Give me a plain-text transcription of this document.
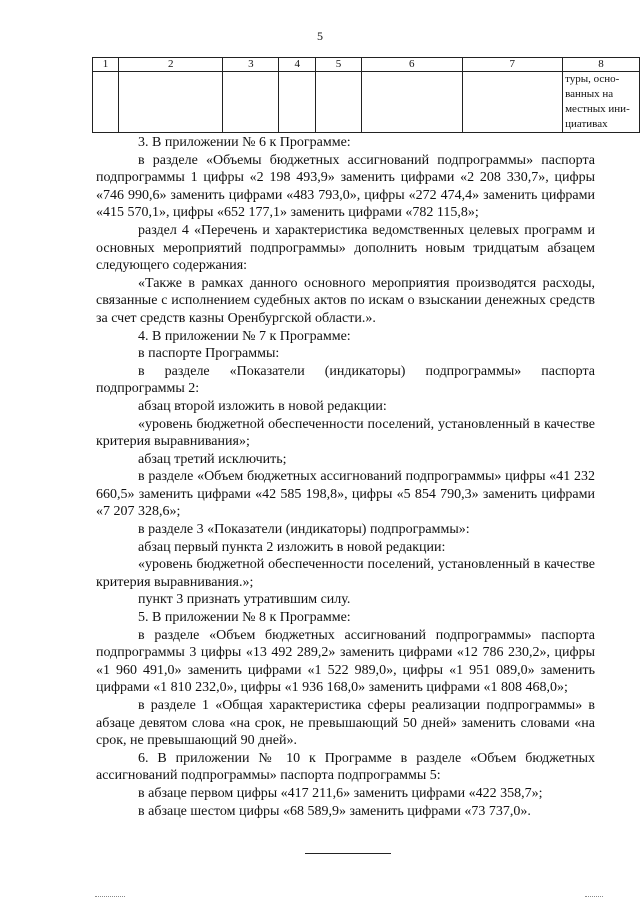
5
1	2	3	4	5	6	7	8
							туры, осно-ванных на местных ини-циативах

3. В приложении № 6 к Программе:

в разделе «Объемы бюджетных ассигнований подпрограммы» паспорта подпрограммы 1 цифры «2 198 493,9» заменить цифрами «2 208 330,7», цифры «746 990,6» заменить цифрами «483 793,0», цифры «272 474,4» заменить цифрами «415 570,1», цифры «652 177,1» заменить цифрами «782 115,8»;

раздел 4 «Перечень и характеристика ведомственных целевых программ и основных мероприятий подпрограммы» дополнить новым тридцатым абзацем следующего содержания:

«Также в рамках данного основного мероприятия производятся расходы, связанные с исполнением судебных актов по искам о взыскании денежных средств за счет средств казны Оренбургской области.».

4. В приложении № 7 к Программе:

в паспорте Программы:

в разделе «Показатели (индикаторы) подпрограммы» паспорта подпрограммы 2:

абзац второй изложить в новой редакции:

«уровень бюджетной обеспеченности поселений, установленный в качестве критерия выравнивания»;

абзац третий исключить;

в разделе «Объем бюджетных ассигнований подпрограммы» цифры «41 232 660,5» заменить цифрами «42 585 198,8», цифры «5 854 790,3» заменить цифрами «7 207 328,6»;

в разделе 3 «Показатели (индикаторы) подпрограммы»:

абзац первый пункта 2 изложить в новой редакции:

«уровень бюджетной обеспеченности поселений, установленный в качестве критерия выравнивания.»;

пункт 3 признать утратившим силу.

5. В приложении № 8 к Программе:

в разделе «Объем бюджетных ассигнований подпрограммы» паспорта подпрограммы 3 цифры «13 492 289,2» заменить цифрами «12 786 230,2», цифры «1 960 491,0» заменить цифрами «1 522 989,0», цифры «1 951 089,0» заменить цифрами «1 810 232,0», цифры «1 936 168,0» заменить цифрами «1 808 468,0»;

в разделе 1 «Общая характеристика сферы реализации подпрограммы» в абзаце девятом слова «на срок, не превышающий 50 дней» заменить словами «на срок, не превышающий 90 дней».

6. В приложении № 10 к Программе в разделе «Объем бюджетных ассигнований подпрограммы» паспорта подпрограммы 5:

в абзаце первом цифры «417 211,6» заменить цифрами «422 358,7»;

в абзаце шестом цифры «68 589,9» заменить цифрами «73 737,0».
